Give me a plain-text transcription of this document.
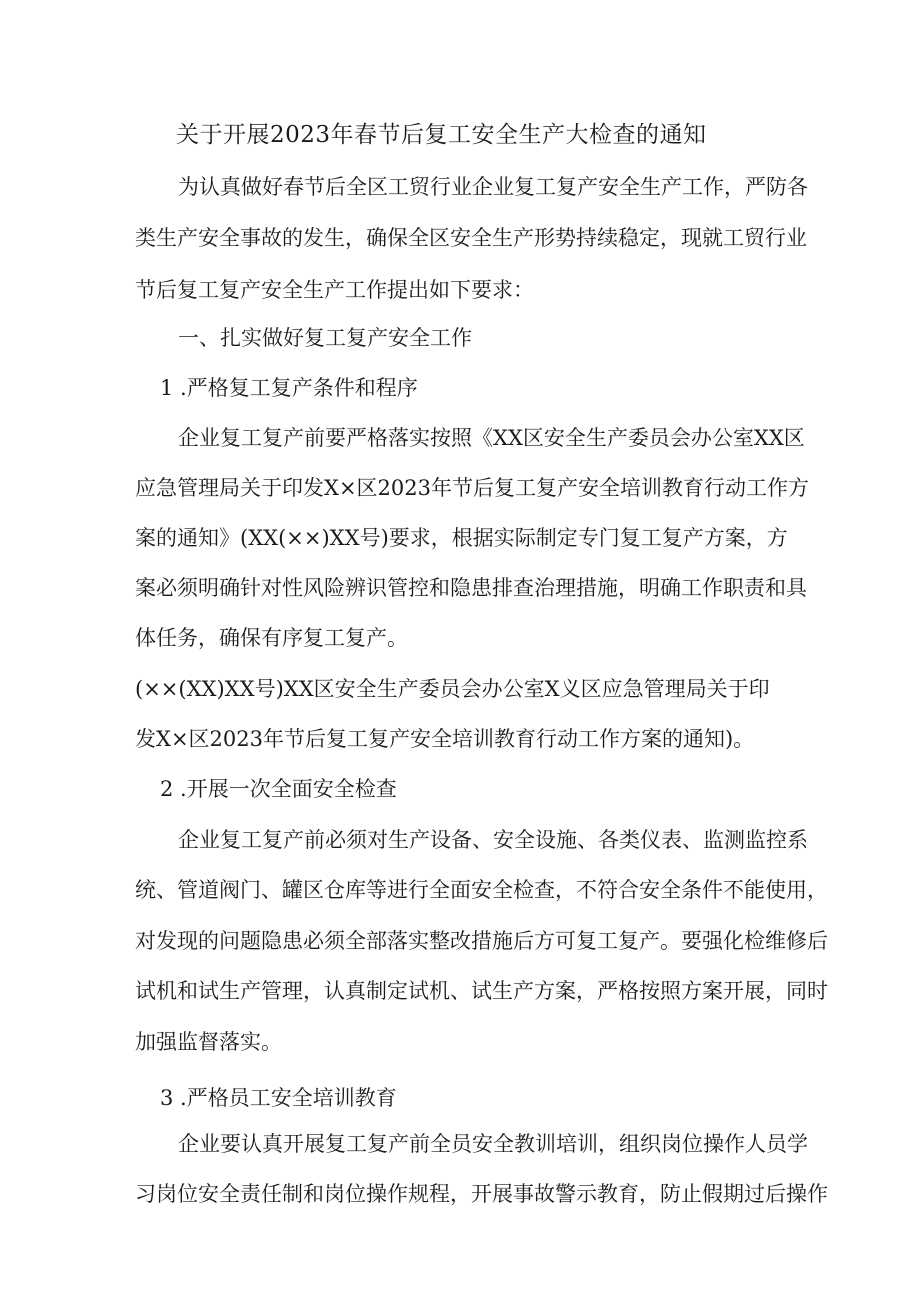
关于开展2023年春节后复工安全生产大检查的通知
为认真做好春节后全区工贸行业企业复工复产安全生产工作，严防各
类生产安全事故的发生，确保全区安全生产形势持续稳定，现就工贸行业
节后复工复产安全生产工作提出如下要求：
一、扎实做好复工复产安全工作
1 .严格复工复产条件和程序
企业复工复产前要严格落实按照《XX区安全生产委员会办公室XX区
应急管理局关于印发X×区2023年节后复工复产安全培训教育行动工作方
案的通知》(XX(××)XX号)要求，根据实际制定专门复工复产方案，方
案必须明确针对性风险辨识管控和隐患排查治理措施，明确工作职责和具
体任务，确保有序复工复产。
(××(XX)XX号)XX区安全生产委员会办公室X义区应急管理局关于印
发X×区2023年节后复工复产安全培训教育行动工作方案的通知)。
2 .开展一次全面安全检查
企业复工复产前必须对生产设备、安全设施、各类仪表、监测监控系
统、管道阀门、罐区仓库等进行全面安全检查，不符合安全条件不能使用，
对发现的问题隐患必须全部落实整改措施后方可复工复产。要强化检维修后
试机和试生产管理，认真制定试机、试生产方案，严格按照方案开展，同时
加强监督落实。
3 .严格员工安全培训教育
企业要认真开展复工复产前全员安全教训培训，组织岗位操作人员学
习岗位安全责任制和岗位操作规程，开展事故警示教育，防止假期过后操作
